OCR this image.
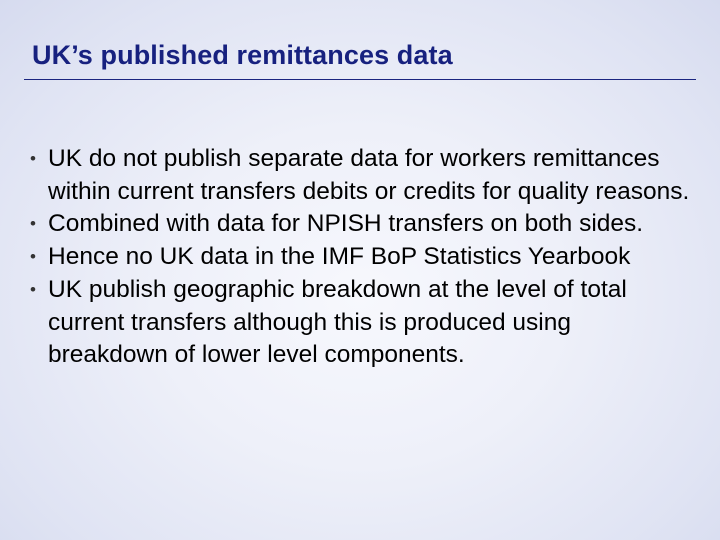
UK’s published remittances data
• UK do not publish separate data for workers remittances within current transfers debits or credits for quality reasons.
• Combined with data for NPISH transfers on both sides.
• Hence no UK data in the IMF BoP Statistics Yearbook
• UK publish geographic breakdown at the level of total current transfers although this is produced using breakdown of lower level components.
